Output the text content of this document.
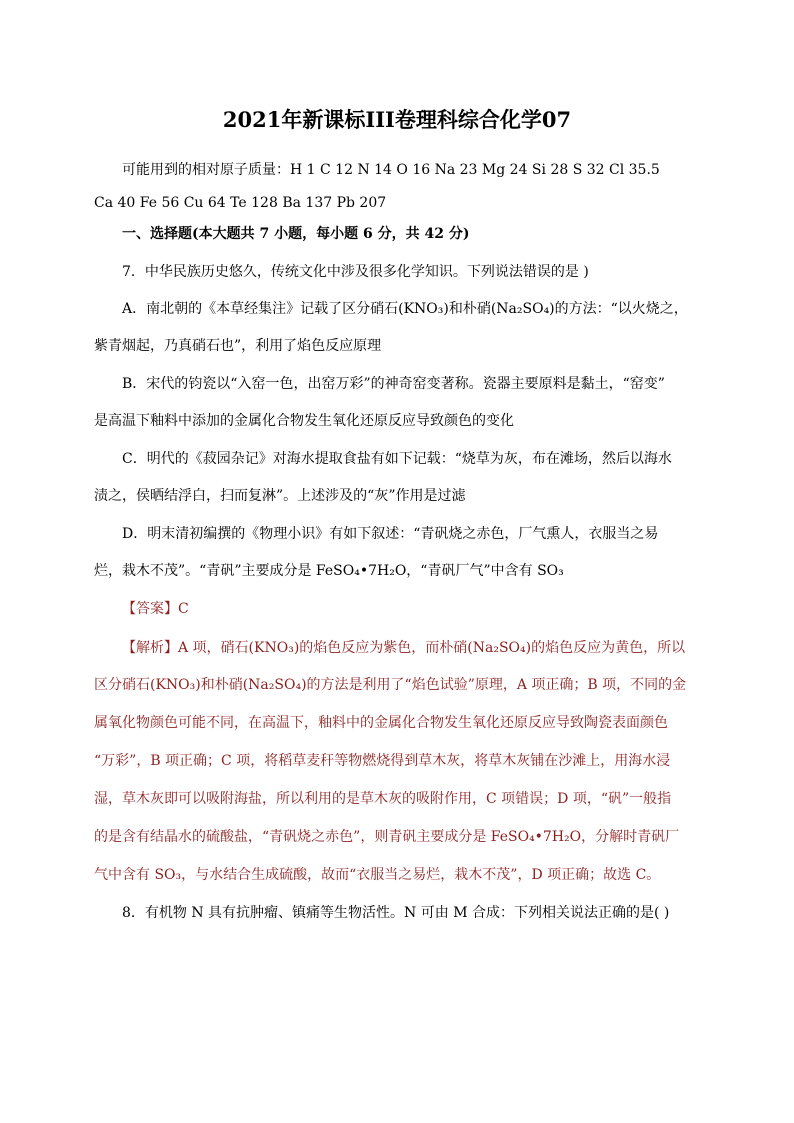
2021年新课标III卷理科综合化学07
可能用到的相对原子质量：H 1 C 12 N 14 O 16 Na 23 Mg 24 Si 28 S 32 Cl 35.5
Ca 40 Fe 56 Cu 64 Te 128 Ba 137 Pb 207
一、选择题(本大题共 7 小题，每小题 6 分，共 42 分)
7．中华民族历史悠久，传统文化中涉及很多化学知识。下列说法错误的是 )
A．南北朝的《本草经集注》记载了区分硝石(KNO₃)和朴硝(Na₂SO₄)的方法：“以火烧之，
紫青烟起，乃真硝石也”，利用了焰色反应原理
B．宋代的钧瓷以“入窑一色，出窑万彩”的神奇窑变著称。瓷器主要原料是黏土，“窑变”
是高温下釉料中添加的金属化合物发生氧化还原反应导致颜色的变化
C．明代的《菽园杂记》对海水提取食盐有如下记载：“烧草为灰，布在滩场，然后以海水
渍之，侯晒结浮白，扫而复淋”。上述涉及的“灰”作用是过滤
D．明末清初编撰的《物理小识》有如下叙述：“青矾烧之赤色，厂气熏人，衣服当之易
烂，栽木不茂”。“青矾”主要成分是 FeSO₄•7H₂O，“青矾厂气”中含有 SO₃
【答案】C
【解析】A 项，硝石(KNO₃)的焰色反应为紫色，而朴硝(Na₂SO₄)的焰色反应为黄色，所以
区分硝石(KNO₃)和朴硝(Na₂SO₄)的方法是利用了“焰色试验”原理，A 项正确；B 项，不同的金
属氧化物颜色可能不同，在高温下，釉料中的金属化合物发生氧化还原反应导致陶瓷表面颜色
“万彩”，B 项正确；C 项，将稻草麦秆等物燃烧得到草木灰，将草木灰铺在沙滩上，用海水浸
湿，草木灰即可以吸附海盐，所以利用的是草木灰的吸附作用，C 项错误；D 项，“矾”一般指
的是含有结晶水的硫酸盐，“青矾烧之赤色”，则青矾主要成分是 FeSO₄•7H₂O，分解时青矾厂
气中含有 SO₃，与水结合生成硫酸，故而“衣服当之易烂，栽木不茂”，D 项正确；故选 C。
8．有机物 N 具有抗肿瘤、镇痛等生物活性。N 可由 M 合成：下列相关说法正确的是( )
